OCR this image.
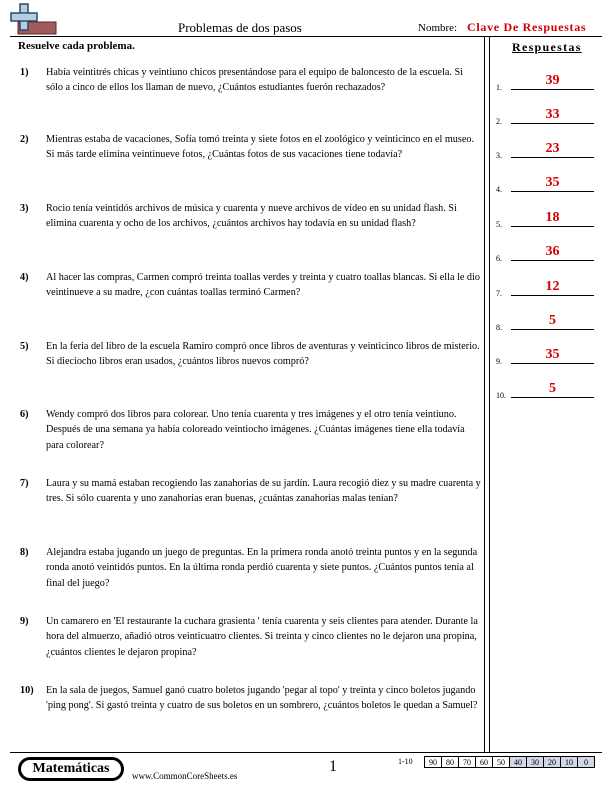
Problemas de dos pasos	Nombre: Clave De Respuestas
Resuelve cada problema.	Respuestas
1) Había veintitrés chicas y veintiuno chicos presentándose para el equipo de baloncesto de la escuela. Si sólo a cinco de ellos los llaman de nuevo, ¿Cuántos estudiantes fuerón rechazados?
2) Mientras estaba de vacaciones, Sofía tomó treinta y siete fotos en el zoológico y veinticinco en el museo. Si más tarde elimina veintinueve fotos, ¿Cuántas fotos de sus vacaciones tiene todavía?
3) Rocio tenía veintidós archivos de música y cuarenta y nueve archivos de vídeo en su unidad flash. Si elimina cuarenta y ocho de los archivos, ¿cuántos archivos hay todavía en su unidad flash?
4) Al hacer las compras, Carmen compró treinta toallas verdes y treinta y cuatro toallas blancas. Si ella le dio veintinueve a su madre, ¿con cuántas toallas terminó Carmen?
5) En la feria del libro de la escuela Ramiro compró once libros de aventuras y veinticinco libros de misterio. Si dieciocho libros eran usados, ¿cuántos libros nuevos compró?
6) Wendy compró dos libros para colorear. Uno tenía cuarenta y tres imágenes y el otro tenía veintiuno. Después de una semana ya había coloreado veintiocho imágenes. ¿Cuántas imágenes tiene ella todavía para colorear?
7) Laura y su mamá estaban recogiendo las zanahorias de su jardín. Laura recogió diez y su madre cuarenta y tres. Si sólo cuarenta y uno zanahorias eran buenas, ¿cuántas zanahorias malas tenían?
8) Alejandra estaba jugando un juego de preguntas. En la primera ronda anotó treinta puntos y en la segunda ronda anotó veintidós puntos. En la última ronda perdió cuarenta y siete puntos. ¿Cuántos puntos tenía al final del juego?
9) Un camarero en 'El restaurante la cuchara grasienta ' tenía cuarenta y seis clientes para atender. Durante la hora del almuerzo, añadió otros veinticuatro clientes. Si treinta y cinco clientes no le dejaron una propina, ¿cuántos clientes le dejaron propina?
10) En la sala de juegos, Samuel ganó cuatro boletos jugando 'pegar al topo' y treinta y cinco boletos jugando 'ping pong'. Si gastó treinta y cuatro de sus boletos en un sombrero, ¿cuántos boletos le quedan a Samuel?
1.	39
2.	33
3.	23
4.	35
5.	18
6.	36
7.	12
8.	5
9.	35
10.	5
Matemáticas	www.CommonCoreSheets.es
1	1-10 90	80	70	60	50	40	30	20	10	0
